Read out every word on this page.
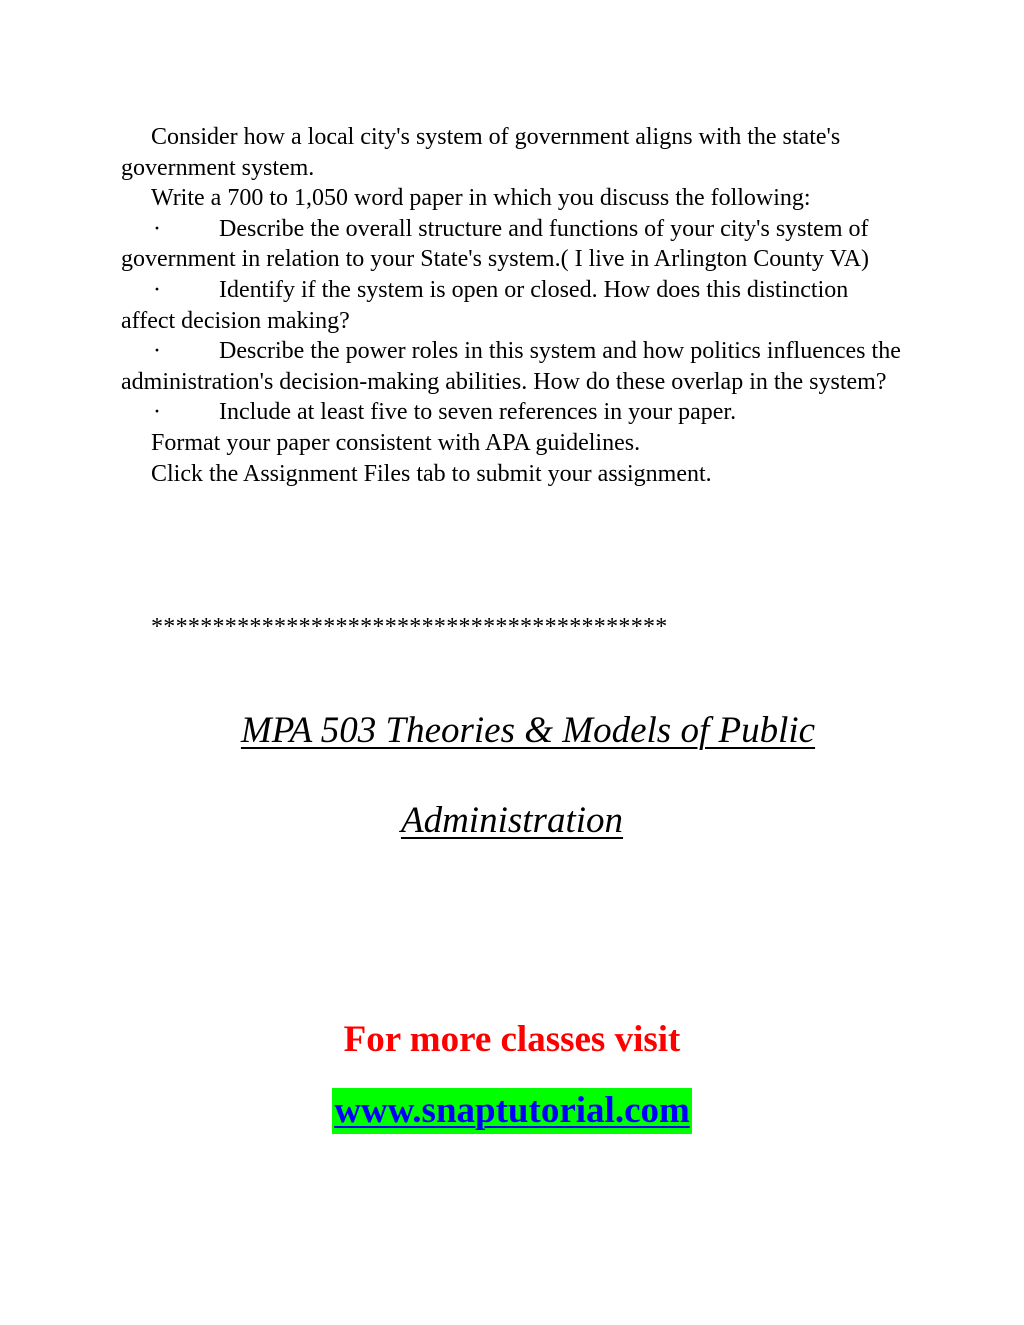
Consider how a local city's system of government aligns with the state's government system.

Write a 700 to 1,050 word paper in which you discuss the following:

· Describe the overall structure and functions of your city's system of government in relation to your State's system.( I live in Arlington County VA)

· Identify if the system is open or closed. How does this distinction affect decision making?

· Describe the power roles in this system and how politics influences the administration's decision-making abilities. How do these overlap in the system?

· Include at least five to seven references in your paper.

Format your paper consistent with APA guidelines.

Click the Assignment Files tab to submit your assignment.

******************************************
MPA 503 Theories & Models of Public
Administration
For more classes visit
www.snaptutorial.com
